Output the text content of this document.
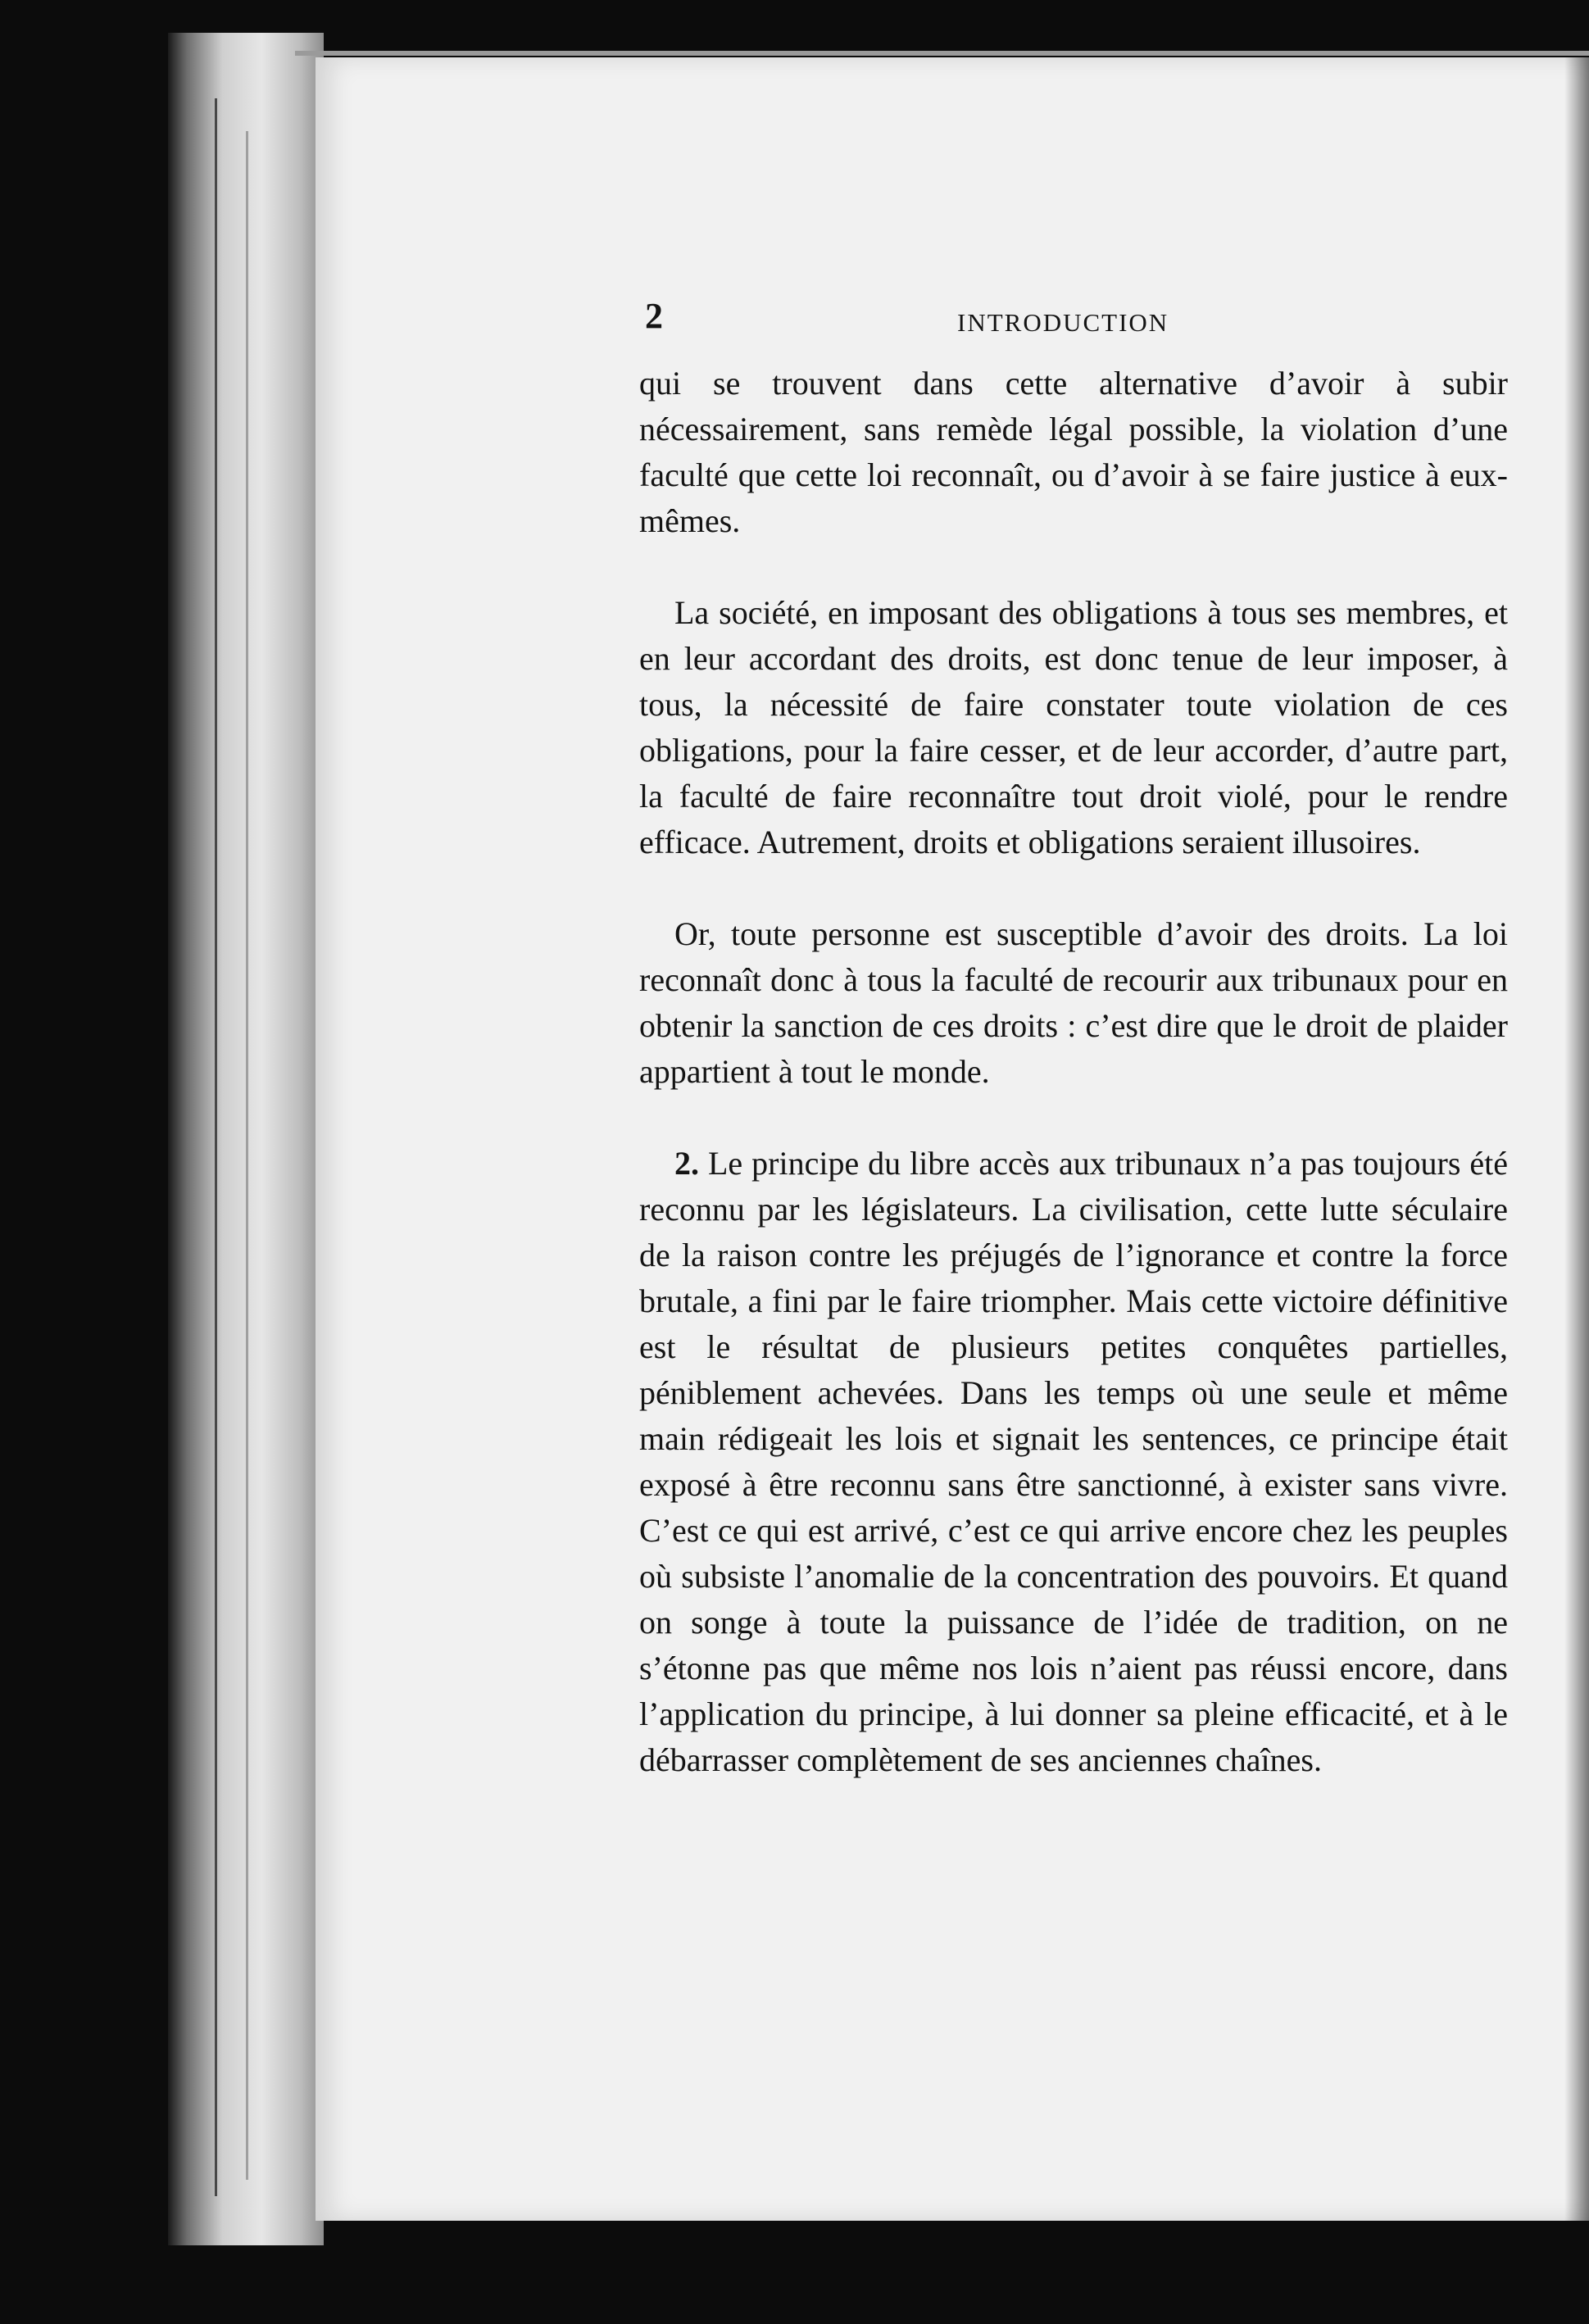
2	INTRODUCTION

qui se trouvent dans cette alternative d’avoir à subir nécessairement, sans remède légal possible, la violation d’une faculté que cette loi reconnaît, ou d’avoir à se faire justice à eux-mêmes.

La société, en imposant des obligations à tous ses membres, et en leur accordant des droits, est donc tenue de leur imposer, à tous, la nécessité de faire constater toute violation de ces obligations, pour la faire cesser, et de leur accorder, d’autre part, la faculté de faire reconnaître tout droit violé, pour le rendre efficace. Autrement, droits et obligations seraient illusoires.

Or, toute personne est susceptible d’avoir des droits. La loi reconnaît donc à tous la faculté de recourir aux tribunaux pour en obtenir la sanction de ces droits : c’est dire que le droit de plaider appartient à tout le monde.

2. Le principe du libre accès aux tribunaux n’a pas toujours été reconnu par les législateurs. La civilisation, cette lutte séculaire de la raison contre les préjugés de l’ignorance et contre la force brutale, a fini par le faire triompher. Mais cette victoire définitive est le résultat de plusieurs petites conquêtes partielles, péniblement achevées. Dans les temps où une seule et même main rédigeait les lois et signait les sentences, ce principe était exposé à être reconnu sans être sanctionné, à exister sans vivre. C’est ce qui est arrivé, c’est ce qui arrive encore chez les peuples où subsiste l’anomalie de la concentration des pouvoirs. Et quand on songe à toute la puissance de l’idée de tradition, on ne s’étonne pas que même nos lois n’aient pas réussi encore, dans l’application du principe, à lui donner sa pleine efficacité, et à le débarrasser complètement de ses anciennes chaînes.
